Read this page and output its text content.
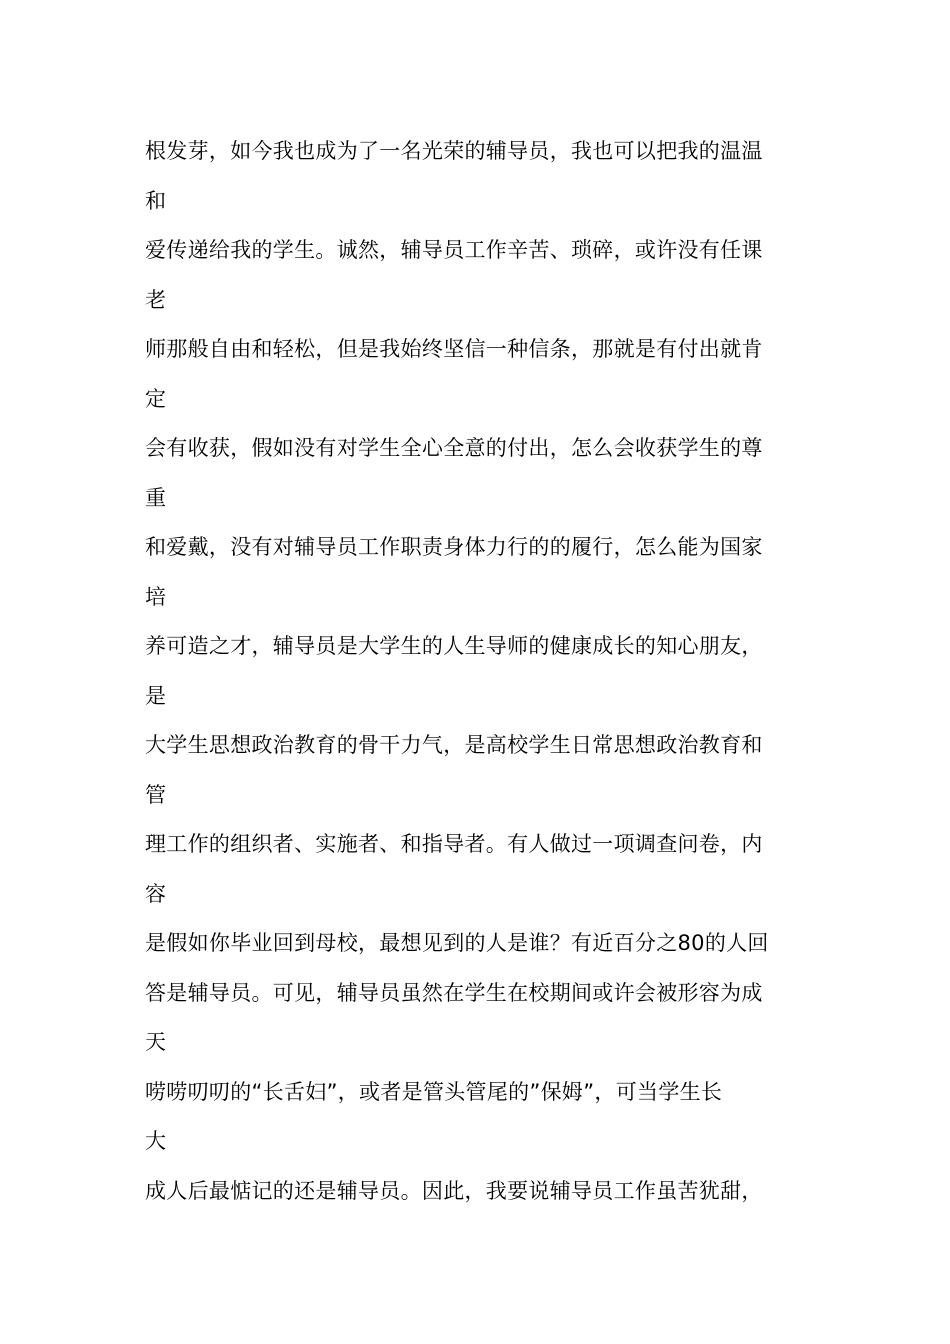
根发芽，如今我也成为了一名光荣的辅导员，我也可以把我的温温
和
爱传递给我的学生。诚然，辅导员工作辛苦、琐碎，或许没有任课
老
师那般自由和轻松，但是我始终坚信一种信条，那就是有付出就肯
定
会有收获，假如没有对学生全心全意的付出，怎么会收获学生的尊
重
和爱戴，没有对辅导员工作职责身体力行的的履行，怎么能为国家
培
养可造之才，辅导员是大学生的人生导师的健康成长的知心朋友，
是
大学生思想政治教育的骨干力气，是高校学生日常思想政治教育和
管
理工作的组织者、实施者、和指导者。有人做过一项调查问卷，内
容
是假如你毕业回到母校，最想见到的人是谁？有近百分之80的人回
答是辅导员。可见，辅导员虽然在学生在校期间或许会被形容为成
天
唠唠叨叨的“长舌妇”，或者是管头管尾的”保姆”，可当学生长
大
成人后最惦记的还是辅导员。因此，我要说辅导员工作虽苦犹甜，
